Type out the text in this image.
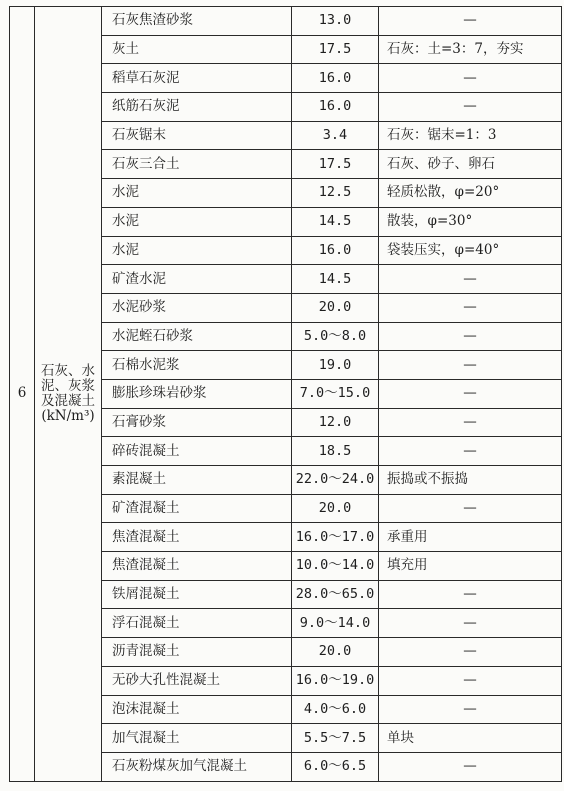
6	石灰、水
泥、灰浆
及混凝土
(kN/m³)	石灰焦渣砂浆	13.0	—
		灰土	17.5	石灰：土=3：7，夯实
		稻草石灰泥	16.0	—
		纸筋石灰泥	16.0	—
		石灰锯末	3.4	石灰：锯末=1：3
		石灰三合土	17.5	石灰、砂子、卵石
		水泥	12.5	轻质松散，φ=20°
		水泥	14.5	散装，φ=30°
		水泥	16.0	袋装压实，φ=40°
		矿渣水泥	14.5	—
		水泥砂浆	20.0	—
		水泥蛭石砂浆	5.0～8.0	—
		石棉水泥浆	19.0	—
		膨胀珍珠岩砂浆	7.0～15.0	—
		石膏砂浆	12.0	—
		碎砖混凝土	18.5	—
		素混凝土	22.0～24.0	振捣或不振捣
		矿渣混凝土	20.0	—
		焦渣混凝土	16.0～17.0	承重用
		焦渣混凝土	10.0～14.0	填充用
		铁屑混凝土	28.0～65.0	—
		浮石混凝土	9.0～14.0	—
		沥青混凝土	20.0	—
		无砂大孔性混凝土	16.0～19.0	—
		泡沫混凝土	4.0～6.0	—
		加气混凝土	5.5～7.5	单块
		石灰粉煤灰加气混凝土	6.0～6.5	—
